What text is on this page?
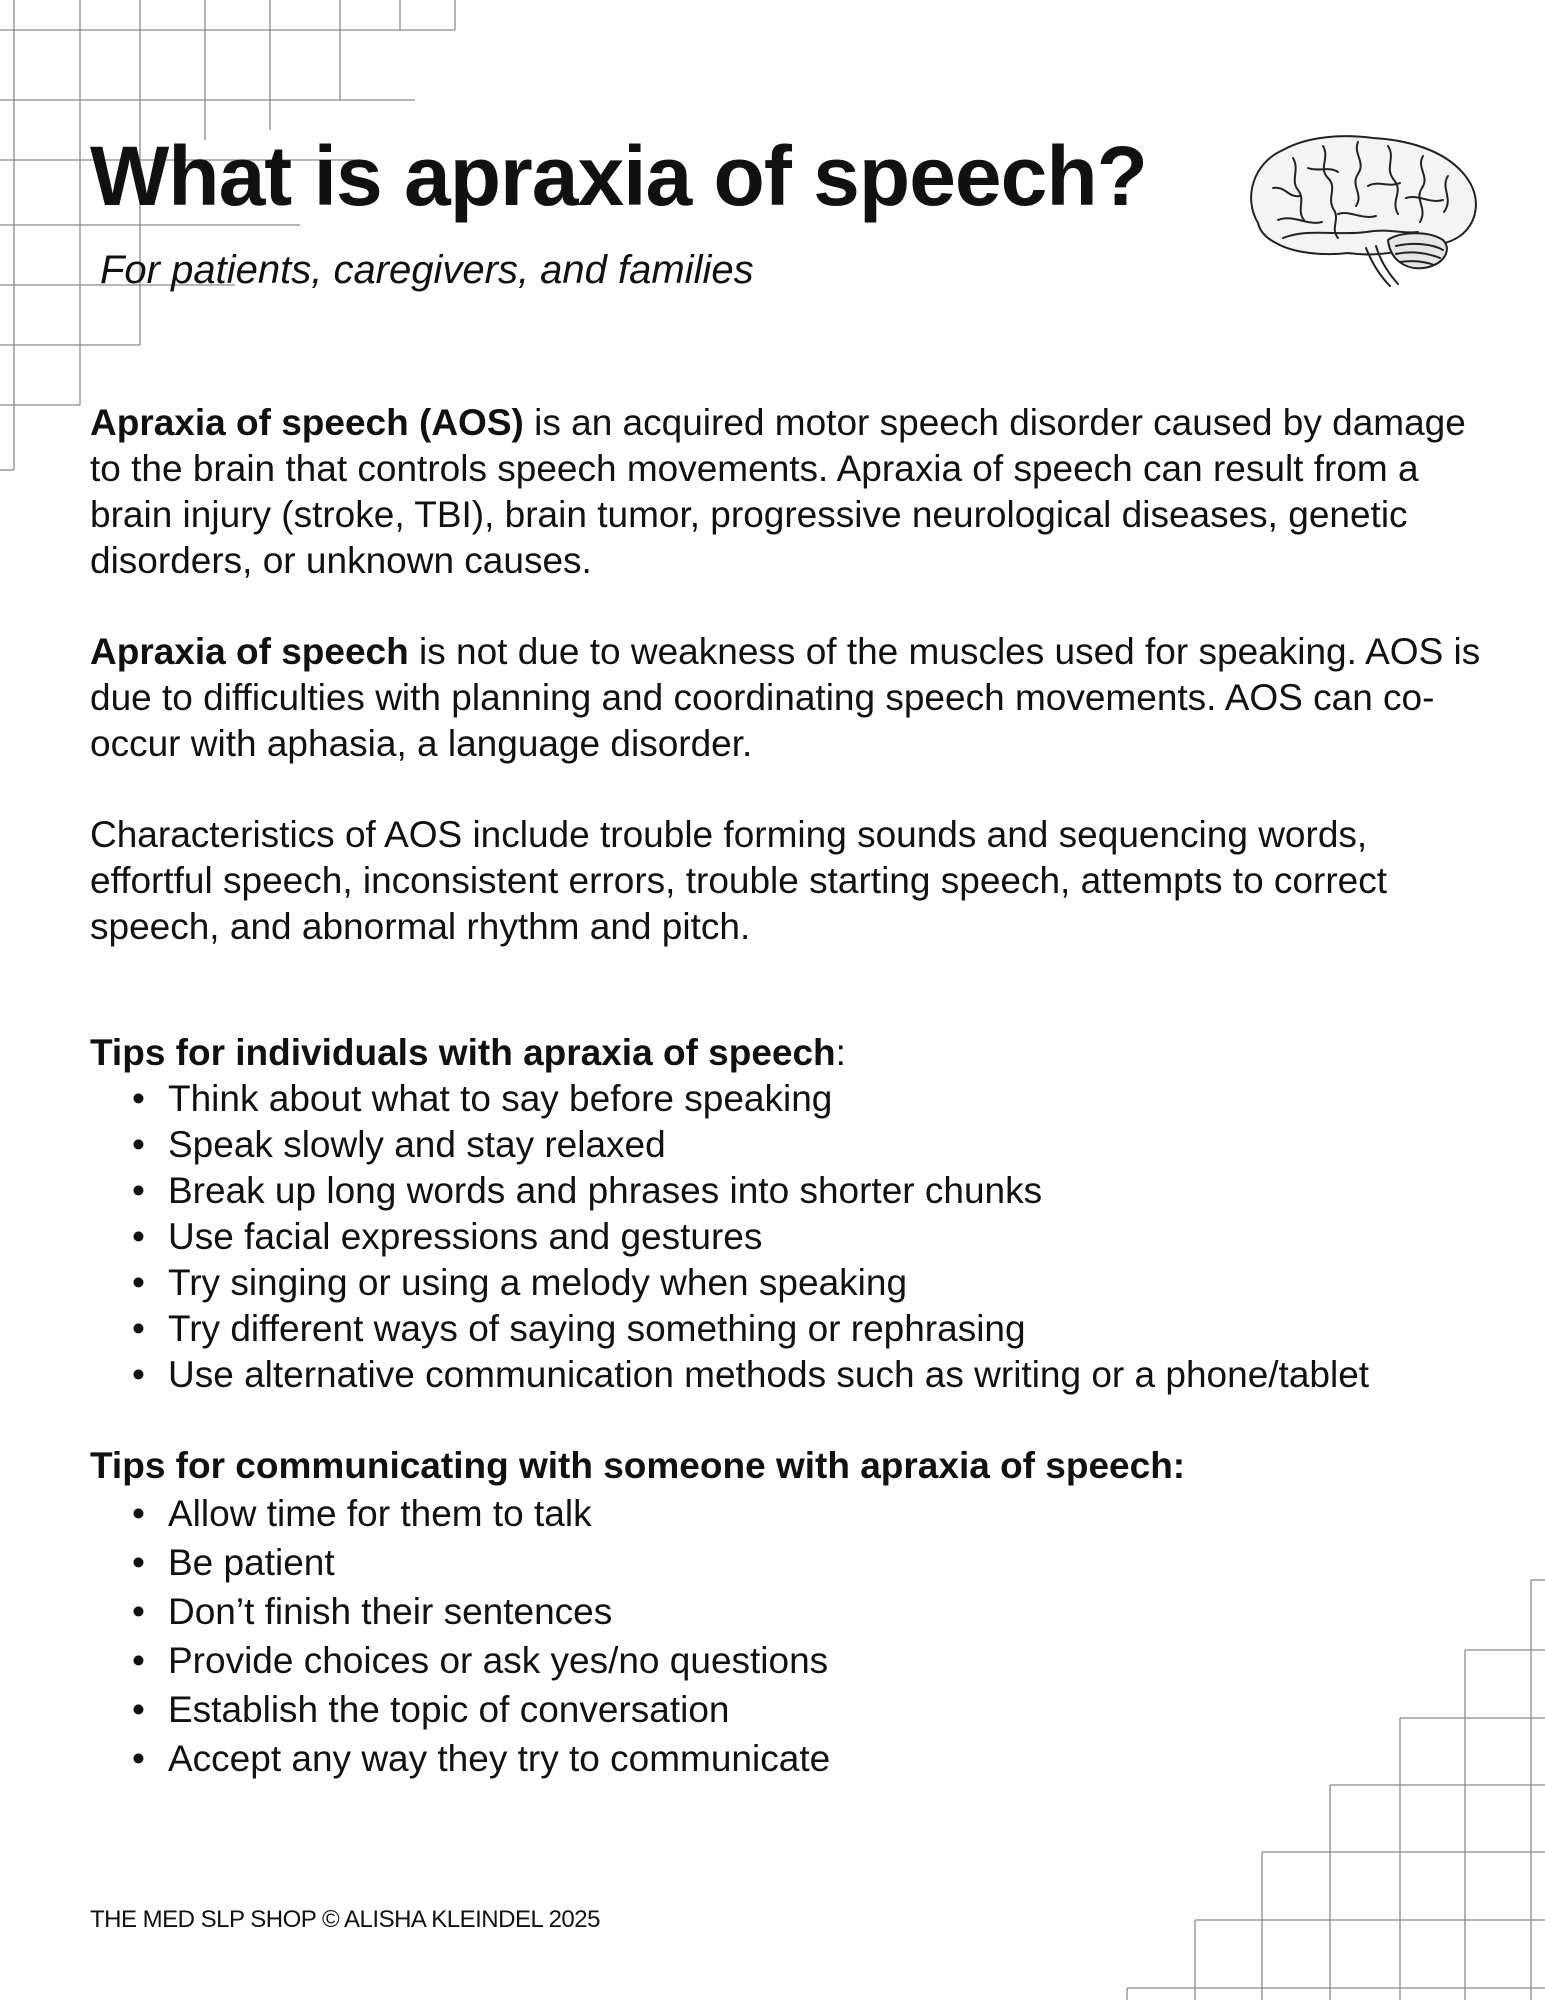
What is apraxia of speech?
For patients, caregivers, and families

Apraxia of speech (AOS) is an acquired motor speech disorder caused by damage to the brain that controls speech movements. Apraxia of speech can result from a brain injury (stroke, TBI), brain tumor, progressive neurological diseases, genetic disorders, or unknown causes.

Apraxia of speech is not due to weakness of the muscles used for speaking. AOS is due to difficulties with planning and coordinating speech movements. AOS can co-occur with aphasia, a language disorder.

Characteristics of AOS include trouble forming sounds and sequencing words, effortful speech, inconsistent errors, trouble starting speech, attempts to correct speech, and abnormal rhythm and pitch.

Tips for individuals with apraxia of speech:
• Think about what to say before speaking
• Speak slowly and stay relaxed
• Break up long words and phrases into shorter chunks
• Use facial expressions and gestures
• Try singing or using a melody when speaking
• Try different ways of saying something or rephrasing
• Use alternative communication methods such as writing or a phone/tablet
Tips for communicating with someone with apraxia of speech:
• Allow time for them to talk
• Be patient
• Don’t finish their sentences
• Provide choices or ask yes/no questions
• Establish the topic of conversation
• Accept any way they try to communicate
THE MED SLP SHOP © ALISHA KLEINDEL 2025
